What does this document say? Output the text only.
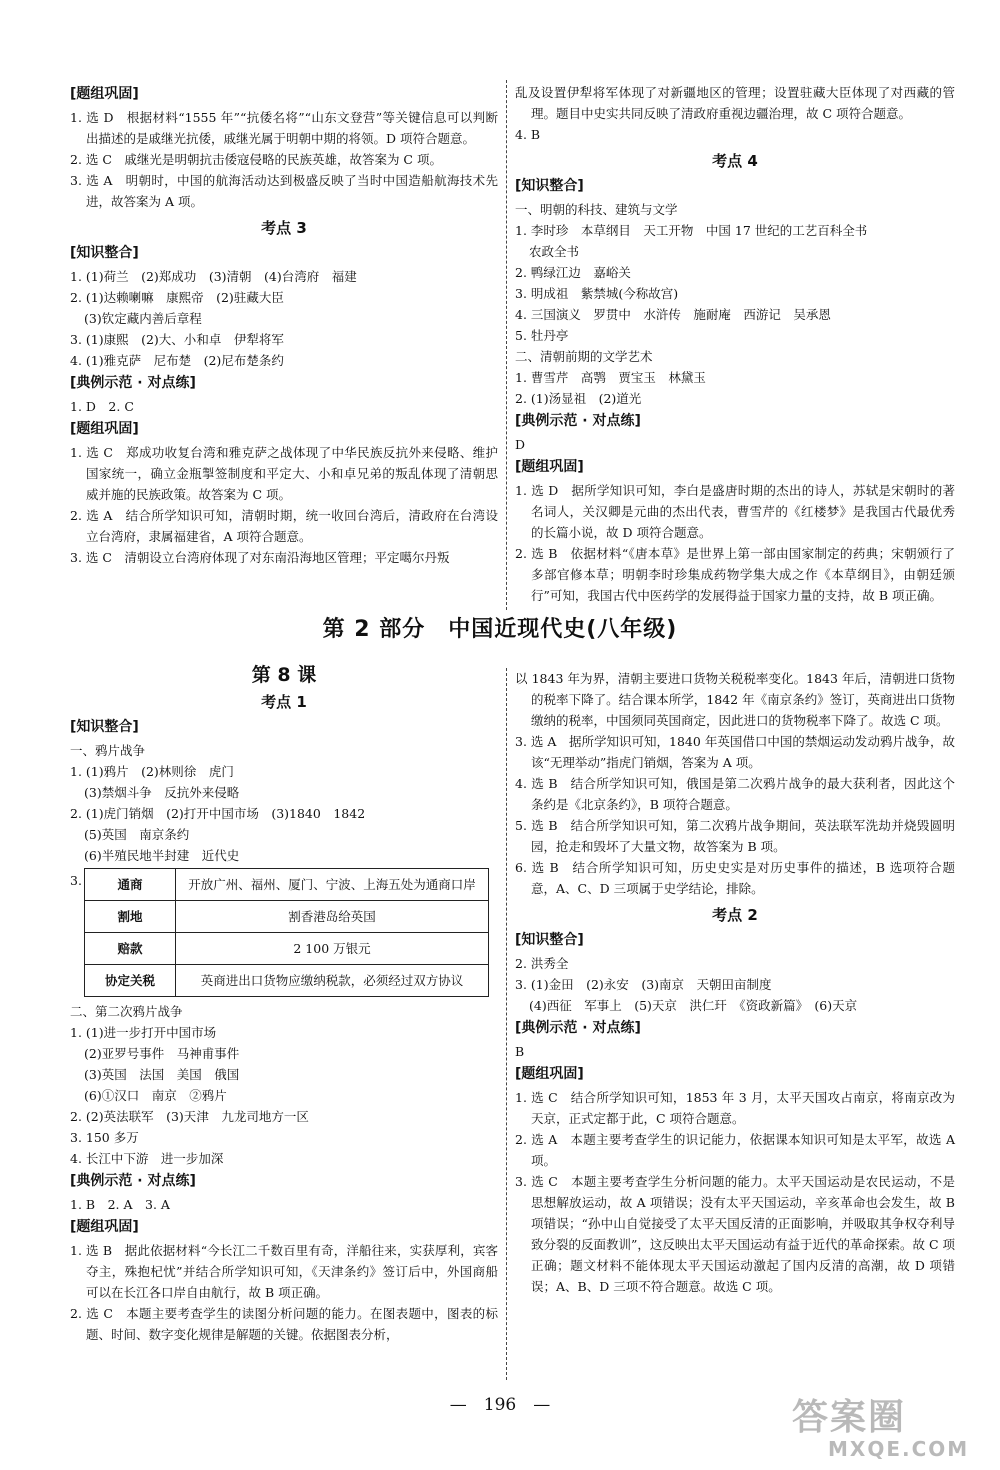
[题组巩固]
1. 选 D　根据材料“1555 年”“抗倭名将”“山东文登营”等关键信息可以判断出描述的是戚继光抗倭，戚继光属于明朝中期的将领。D 项符合题意。
2. 选 C　戚继光是明朝抗击倭寇侵略的民族英雄，故答案为 C 项。
3. 选 A　明朝时，中国的航海活动达到极盛反映了当时中国造船航海技术先进，故答案为 A 项。
考点 3
[知识整合]
1. (1)荷兰　(2)郑成功　(3)清朝　(4)台湾府　福建
2. (1)达赖喇嘛　康熙帝　(2)驻藏大臣
(3)钦定藏内善后章程
3. (1)康熙　(2)大、小和卓　伊犁将军
4. (1)雅克萨　尼布楚　(2)尼布楚条约
[典例示范 · 对点练]
1. D　2. C
[题组巩固]
1. 选 C　郑成功收复台湾和雅克萨之战体现了中华民族反抗外来侵略、维护国家统一，确立金瓶掣签制度和平定大、小和卓兄弟的叛乱体现了清朝思威并施的民族政策。故答案为 C 项。
2. 选 A　结合所学知识可知，清朝时期，统一收回台湾后，清政府在台湾设立台湾府，隶属福建省，A 项符合题意。
3. 选 C　清朝设立台湾府体现了对东南沿海地区管理；平定噶尔丹叛
乱及设置伊犁将军体现了对新疆地区的管理；设置驻藏大臣体现了对西藏的管理。题目中史实共同反映了清政府重视边疆治理，故 C 项符合题意。
4. B
考点 4
[知识整合]
一、明朝的科技、建筑与文学
1. 李时珍　本草纲目　天工开物　中国 17 世纪的工艺百科全书
农政全书
2. 鸭绿江边　嘉峪关
3. 明成祖　紫禁城(今称故宫)
4. 三国演义　罗贯中　水浒传　施耐庵　西游记　吴承恩
5. 牡丹亭
二、清朝前期的文学艺术
1. 曹雪芹　高鹗　贾宝玉　林黛玉
2. (1)汤显祖　(2)道光
[典例示范 · 对点练]
D
[题组巩固]
1. 选 D　据所学知识可知，李白是盛唐时期的杰出的诗人，苏轼是宋朝时的著名词人，关汉卿是元曲的杰出代表，曹雪芹的《红楼梦》是我国古代最优秀的长篇小说，故 D 项符合题意。
2. 选 B　依据材料“《唐本草》是世界上第一部由国家制定的药典；宋朝颁行了多部官修本草；明朝李时珍集成药物学集大成之作《本草纲目》，由朝廷颁行”可知，我国古代中医药学的发展得益于国家力量的支持，故 B 项正确。
第 2 部分　中国近现代史(八年级)
第 8 课
考点 1
[知识整合]
一、鸦片战争
1. (1)鸦片　(2)林则徐　虎门
(3)禁烟斗争　反抗外来侵略
2. (1)虎门销烟　(2)打开中国市场　(3)1840　1842
(5)英国　南京条约
(6)半殖民地半封建　近代史
3.	通商	开放广州、福州、厦门、宁波、上海五处为通商口岸
割地	割香港岛给英国
赔款	2 100 万银元
协定关税	英商进出口货物应缴纳税款，必须经过双方协议
二、第二次鸦片战争
1. (1)进一步打开中国市场
(2)亚罗号事件　马神甫事件
(3)英国　法国　美国　俄国
(6)①汉口　南京　②鸦片
2. (2)英法联军　(3)天津　九龙司地方一区
3. 150 多万
4. 长江中下游　进一步加深
[典例示范 · 对点练]
1. B　2. A　3. A
[题组巩固]
1. 选 B　据此依据材料“今长江二千数百里有奇，洋船往来，实获厚利，宾客夺主，殊抱杞忧”并结合所学知识可知，《天津条约》签订后中，外国商船可以在长江各口岸自由航行，故 B 项正确。
2. 选 C　本题主要考查学生的读图分析问题的能力。在图表题中，图表的标题、时间、数字变化规律是解题的关键。依据图表分析，
以 1843 年为界，清朝主要进口货物关税税率变化。1843 年后，清朝进口货物的税率下降了。结合课本所学，1842 年《南京条约》签订，英商进出口货物缴纳的税率，中国须同英国商定，因此进口的货物税率下降了。故选 C 项。
3. 选 A　据所学知识可知，1840 年英国借口中国的禁烟运动发动鸦片战争，故该“无理举动”指虎门销烟，答案为 A 项。
4. 选 B　结合所学知识可知，俄国是第二次鸦片战争的最大获利者，因此这个条约是《北京条约》，B 项符合题意。
5. 选 B　结合所学知识可知，第二次鸦片战争期间，英法联军洗劫并烧毁圆明园，抢走和毁坏了大量文物，故答案为 B 项。
6. 选 B　结合所学知识可知，历史史实是对历史事件的描述，B 选项符合题意，A、C、D 三项属于史学结论，排除。
考点 2
[知识整合]
2. 洪秀全
3. (1)金田　(2)永安　(3)南京　天朝田亩制度
(4)西征　军事上　(5)天京　洪仁玕　《资政新篇》　(6)天京
[典例示范 · 对点练]
B
[题组巩固]
1. 选 C　结合所学知识可知，1853 年 3 月，太平天国攻占南京，将南京改为天京，正式定都于此，C 项符合题意。
2. 选 A　本题主要考查学生的识记能力，依据课本知识可知是太平军，故选 A 项。
3. 选 C　本题主要考查学生分析问题的能力。太平天国运动是农民运动，不是思想解放运动，故 A 项错误；没有太平天国运动，辛亥革命也会发生，故 B 项错误；“孙中山自觉接受了太平天国反清的正面影响，并吸取其争权夺利导致分裂的反面教训”，这反映出太平天国运动有益于近代的革命探索。故 C 项正确；题文材料不能体现太平天国运动激起了国内反清的高潮，故 D 项错误；A、B、D 三项不符合题意。故选 C 项。
—　196　—	答案圈
MXQE.COM
